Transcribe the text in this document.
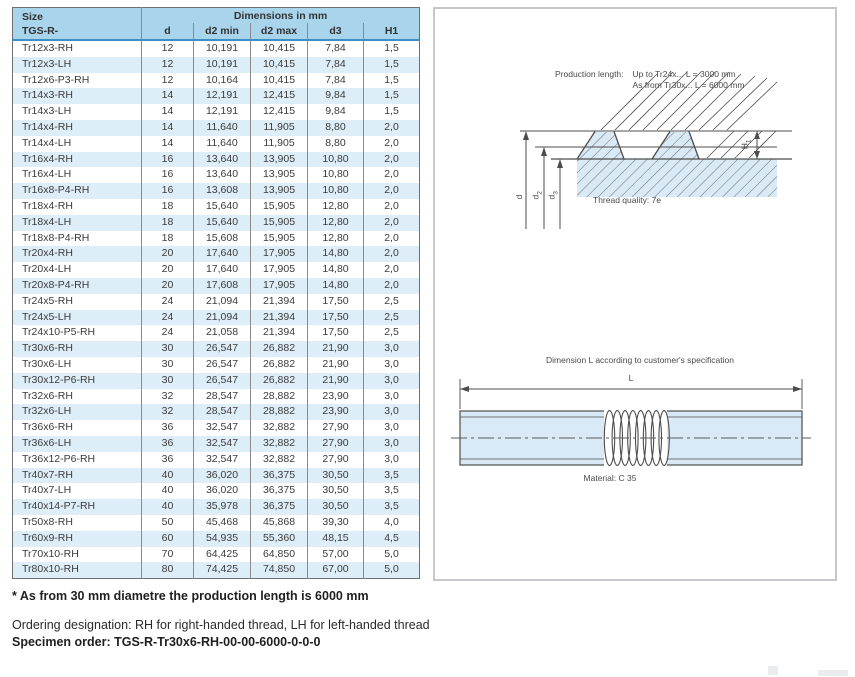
Size
TGS-R-	Dimensions in mm				
	d	d2 min	d2 max	d3	H1
Tr12x3-RH	12	10,191	10,415	7,84	1,5
Tr12x3-LH	12	10,191	10,415	7,84	1,5
Tr12x6-P3-RH	12	10,164	10,415	7,84	1,5
Tr14x3-RH	14	12,191	12,415	9,84	1,5
Tr14x3-LH	14	12,191	12,415	9,84	1,5
Tr14x4-RH	14	11,640	11,905	8,80	2,0
Tr14x4-LH	14	11,640	11,905	8,80	2,0
Tr16x4-RH	16	13,640	13,905	10,80	2,0
Tr16x4-LH	16	13,640	13,905	10,80	2,0
Tr16x8-P4-RH	16	13,608	13,905	10,80	2,0
Tr18x4-RH	18	15,640	15,905	12,80	2,0
Tr18x4-LH	18	15,640	15,905	12,80	2,0
Tr18x8-P4-RH	18	15,608	15,905	12,80	2,0
Tr20x4-RH	20	17,640	17,905	14,80	2,0
Tr20x4-LH	20	17,640	17,905	14,80	2,0
Tr20x8-P4-RH	20	17,608	17,905	14,80	2,0
Tr24x5-RH	24	21,094	21,394	17,50	2,5
Tr24x5-LH	24	21,094	21,394	17,50	2,5
Tr24x10-P5-RH	24	21,058	21,394	17,50	2,5
Tr30x6-RH	30	26,547	26,882	21,90	3,0
Tr30x6-LH	30	26,547	26,882	21,90	3,0
Tr30x12-P6-RH	30	26,547	26,882	21,90	3,0
Tr32x6-RH	32	28,547	28,882	23,90	3,0
Tr32x6-LH	32	28,547	28,882	23,90	3,0
Tr36x6-RH	36	32,547	32,882	27,90	3,0
Tr36x6-LH	36	32,547	32,882	27,90	3,0
Tr36x12-P6-RH	36	32,547	32,882	27,90	3,0
Tr40x7-RH	40	36,020	36,375	30,50	3,5
Tr40x7-LH	40	36,020	36,375	30,50	3,5
Tr40x14-P7-RH	40	35,978	36,375	30,50	3,5
Tr50x8-RH	50	45,468	45,868	39,30	4,0
Tr60x9-RH	60	54,935	55,360	48,15	4,5
Tr70x10-RH	70	64,425	64,850	57,00	5,0
Tr80x10-RH	80	74,425	74,850	67,00	5,0
Production length: Up to Tr24x... L = 3000 mm
As from Tr30x... L = 6000 mm
Thread quality: 7e
Dimension L according to customer's specification
Material: C 35
L
d $d_2$
$d_3$
$H_1$
* As from 30 mm diametre the production length is 6000 mm
Ordering designation: RH for right-handed thread, LH for left-handed thread
Specimen order: TGS-R-Tr30x6-RH-00-00-6000-0-0-0
